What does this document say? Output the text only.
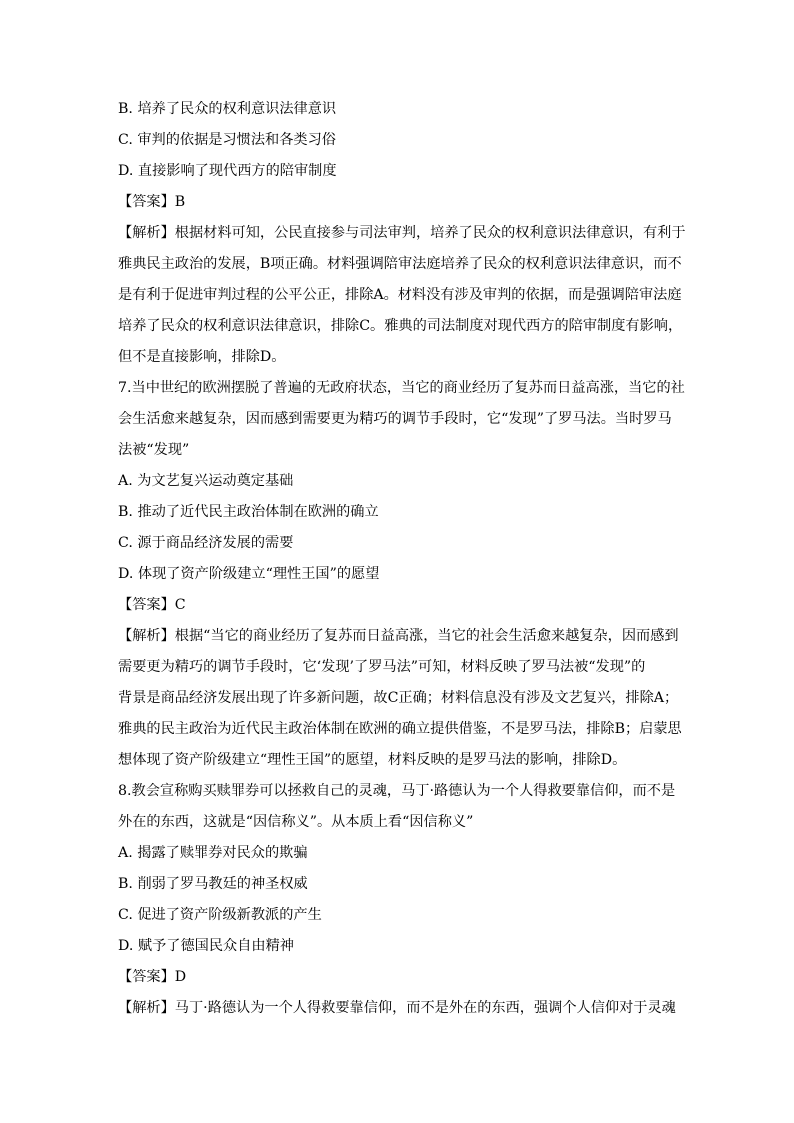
B. 培养了民众的权利意识法律意识

C. 审判的依据是习惯法和各类习俗

D. 直接影响了现代西方的陪审制度

【答案】B

【解析】根据材料可知，公民直接参与司法审判，培养了民众的权利意识法律意识，有利于

雅典民主政治的发展，B项正确。材料强调陪审法庭培养了民众的权利意识法律意识，而不

是有利于促进审判过程的公平公正，排除A。材料没有涉及审判的依据，而是强调陪审法庭

培养了民众的权利意识法律意识，排除C。雅典的司法制度对现代西方的陪审制度有影响，

但不是直接影响，排除D。

7.当中世纪的欧洲摆脱了普遍的无政府状态，当它的商业经历了复苏而日益高涨，当它的社

会生活愈来越复杂，因而感到需要更为精巧的调节手段时，它“发现”了罗马法。当时罗马

法被“发现”

A. 为文艺复兴运动奠定基础

B. 推动了近代民主政治体制在欧洲的确立

C. 源于商品经济发展的需要

D. 体现了资产阶级建立“理性王国”的愿望

【答案】C

【解析】根据“当它的商业经历了复苏而日益高涨，当它的社会生活愈来越复杂，因而感到

需要更为精巧的调节手段时，它‘发现’了罗马法”可知，材料反映了罗马法被“发现”的

背景是商品经济发展出现了许多新问题，故C正确；材料信息没有涉及文艺复兴，排除A；

雅典的民主政治为近代民主政治体制在欧洲的确立提供借鉴，不是罗马法，排除B；启蒙思

想体现了资产阶级建立“理性王国”的愿望，材料反映的是罗马法的影响，排除D。

8.教会宣称购买赎罪券可以拯救自己的灵魂，马丁·路德认为一个人得救要靠信仰，而不是

外在的东西，这就是“因信称义”。从本质上看“因信称义”

A. 揭露了赎罪券对民众的欺骗

B. 削弱了罗马教廷的神圣权威

C. 促进了资产阶级新教派的产生

D. 赋予了德国民众自由精神

【答案】D

【解析】马丁·路德认为一个人得救要靠信仰，而不是外在的东西，强调个人信仰对于灵魂
